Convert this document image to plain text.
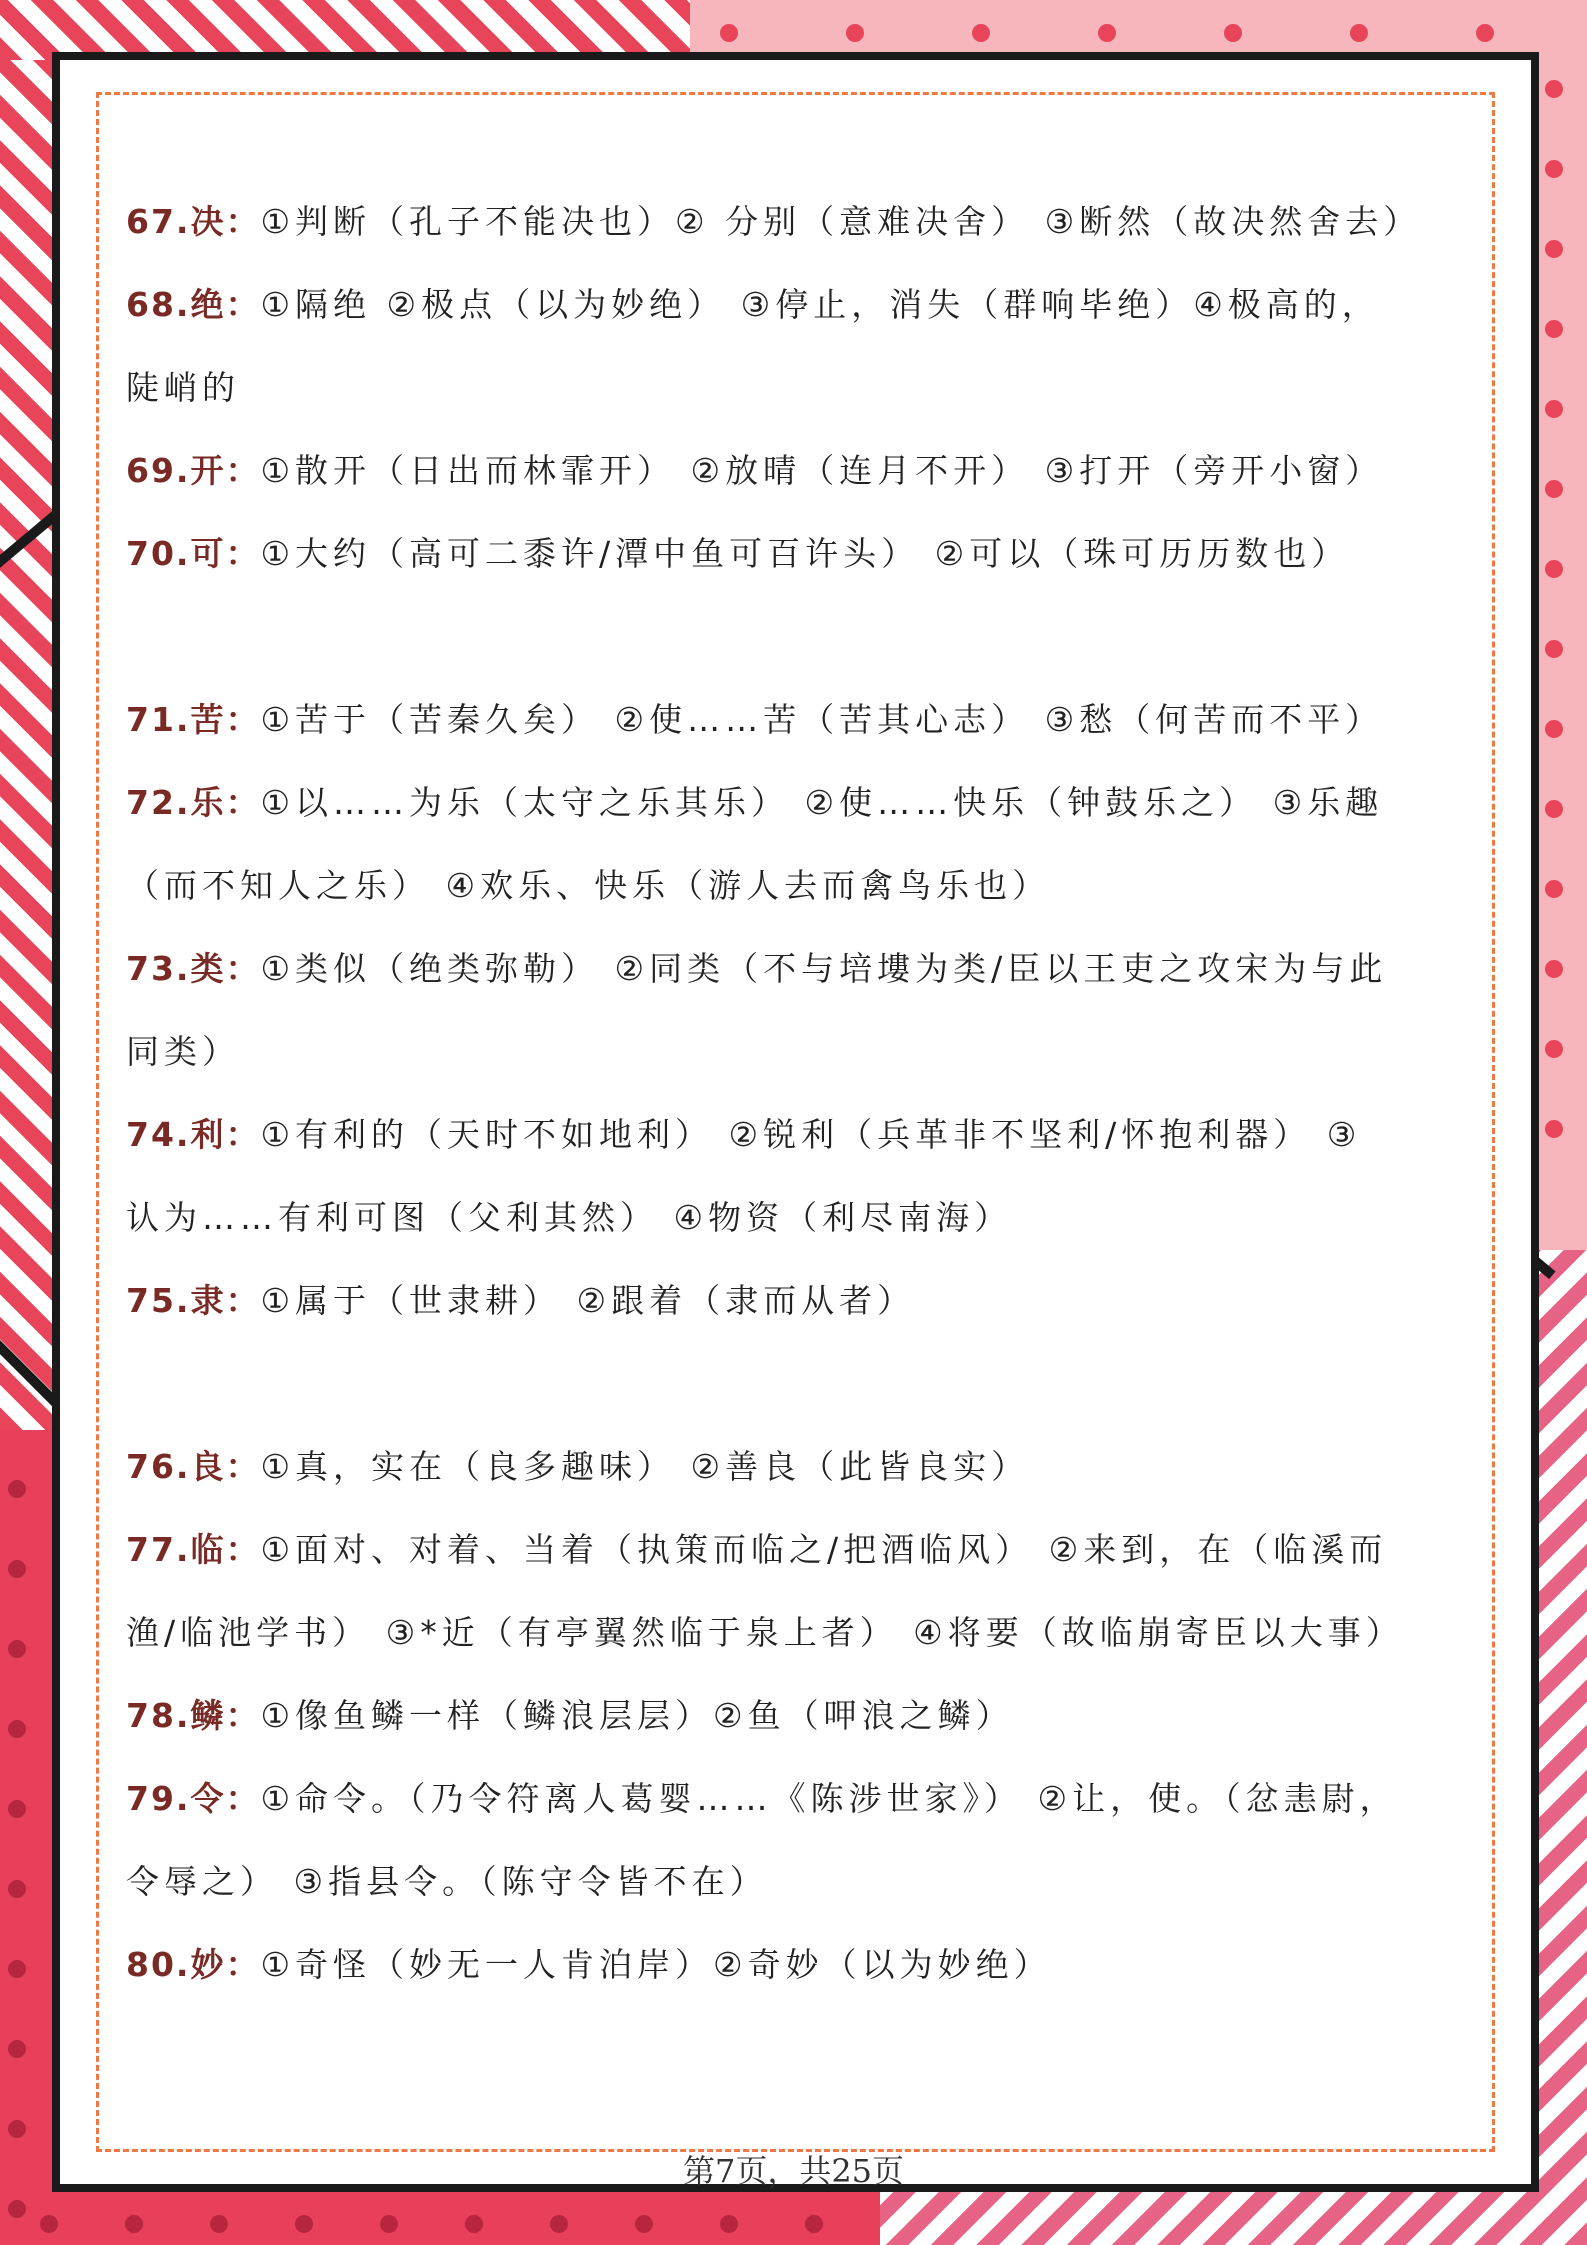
67.决：①判断（孔子不能决也）② 分别（意难决舍） ③断然（故决然舍去）
68.绝：①隔绝 ②极点（以为妙绝） ③停止，消失（群响毕绝）④极高的，
陡峭的
69.开：①散开（日出而林霏开） ②放晴（连月不开） ③打开（旁开小窗）
70.可：①大约（高可二黍许/潭中鱼可百许头） ②可以（珠可历历数也）
71.苦：①苦于（苦秦久矣） ②使……苦（苦其心志） ③愁（何苦而不平）
72.乐：①以……为乐（太守之乐其乐） ②使……快乐（钟鼓乐之） ③乐趣
（而不知人之乐） ④欢乐、快乐（游人去而禽鸟乐也）
73.类：①类似（绝类弥勒） ②同类（不与培塿为类/臣以王吏之攻宋为与此
同类）
74.利：①有利的（天时不如地利） ②锐利（兵革非不坚利/怀抱利器） ③
认为……有利可图（父利其然） ④物资（利尽南海）
75.隶：①属于（世隶耕） ②跟着（隶而从者）
76.良：①真，实在（良多趣味） ②善良（此皆良实）
77.临：①面对、对着、当着（执策而临之/把酒临风） ②来到，在（临溪而
渔/临池学书） ③*近（有亭翼然临于泉上者） ④将要（故临崩寄臣以大事）
78.鳞：①像鱼鳞一样（鳞浪层层）②鱼（呷浪之鳞）
79.令：①命令。（乃令符离人葛婴……《陈涉世家》） ②让，使。（忿恚尉，
令辱之） ③指县令。（陈守令皆不在）
80.妙：①奇怪（妙无一人肯泊岸）②奇妙（以为妙绝）
第7页，共25页
